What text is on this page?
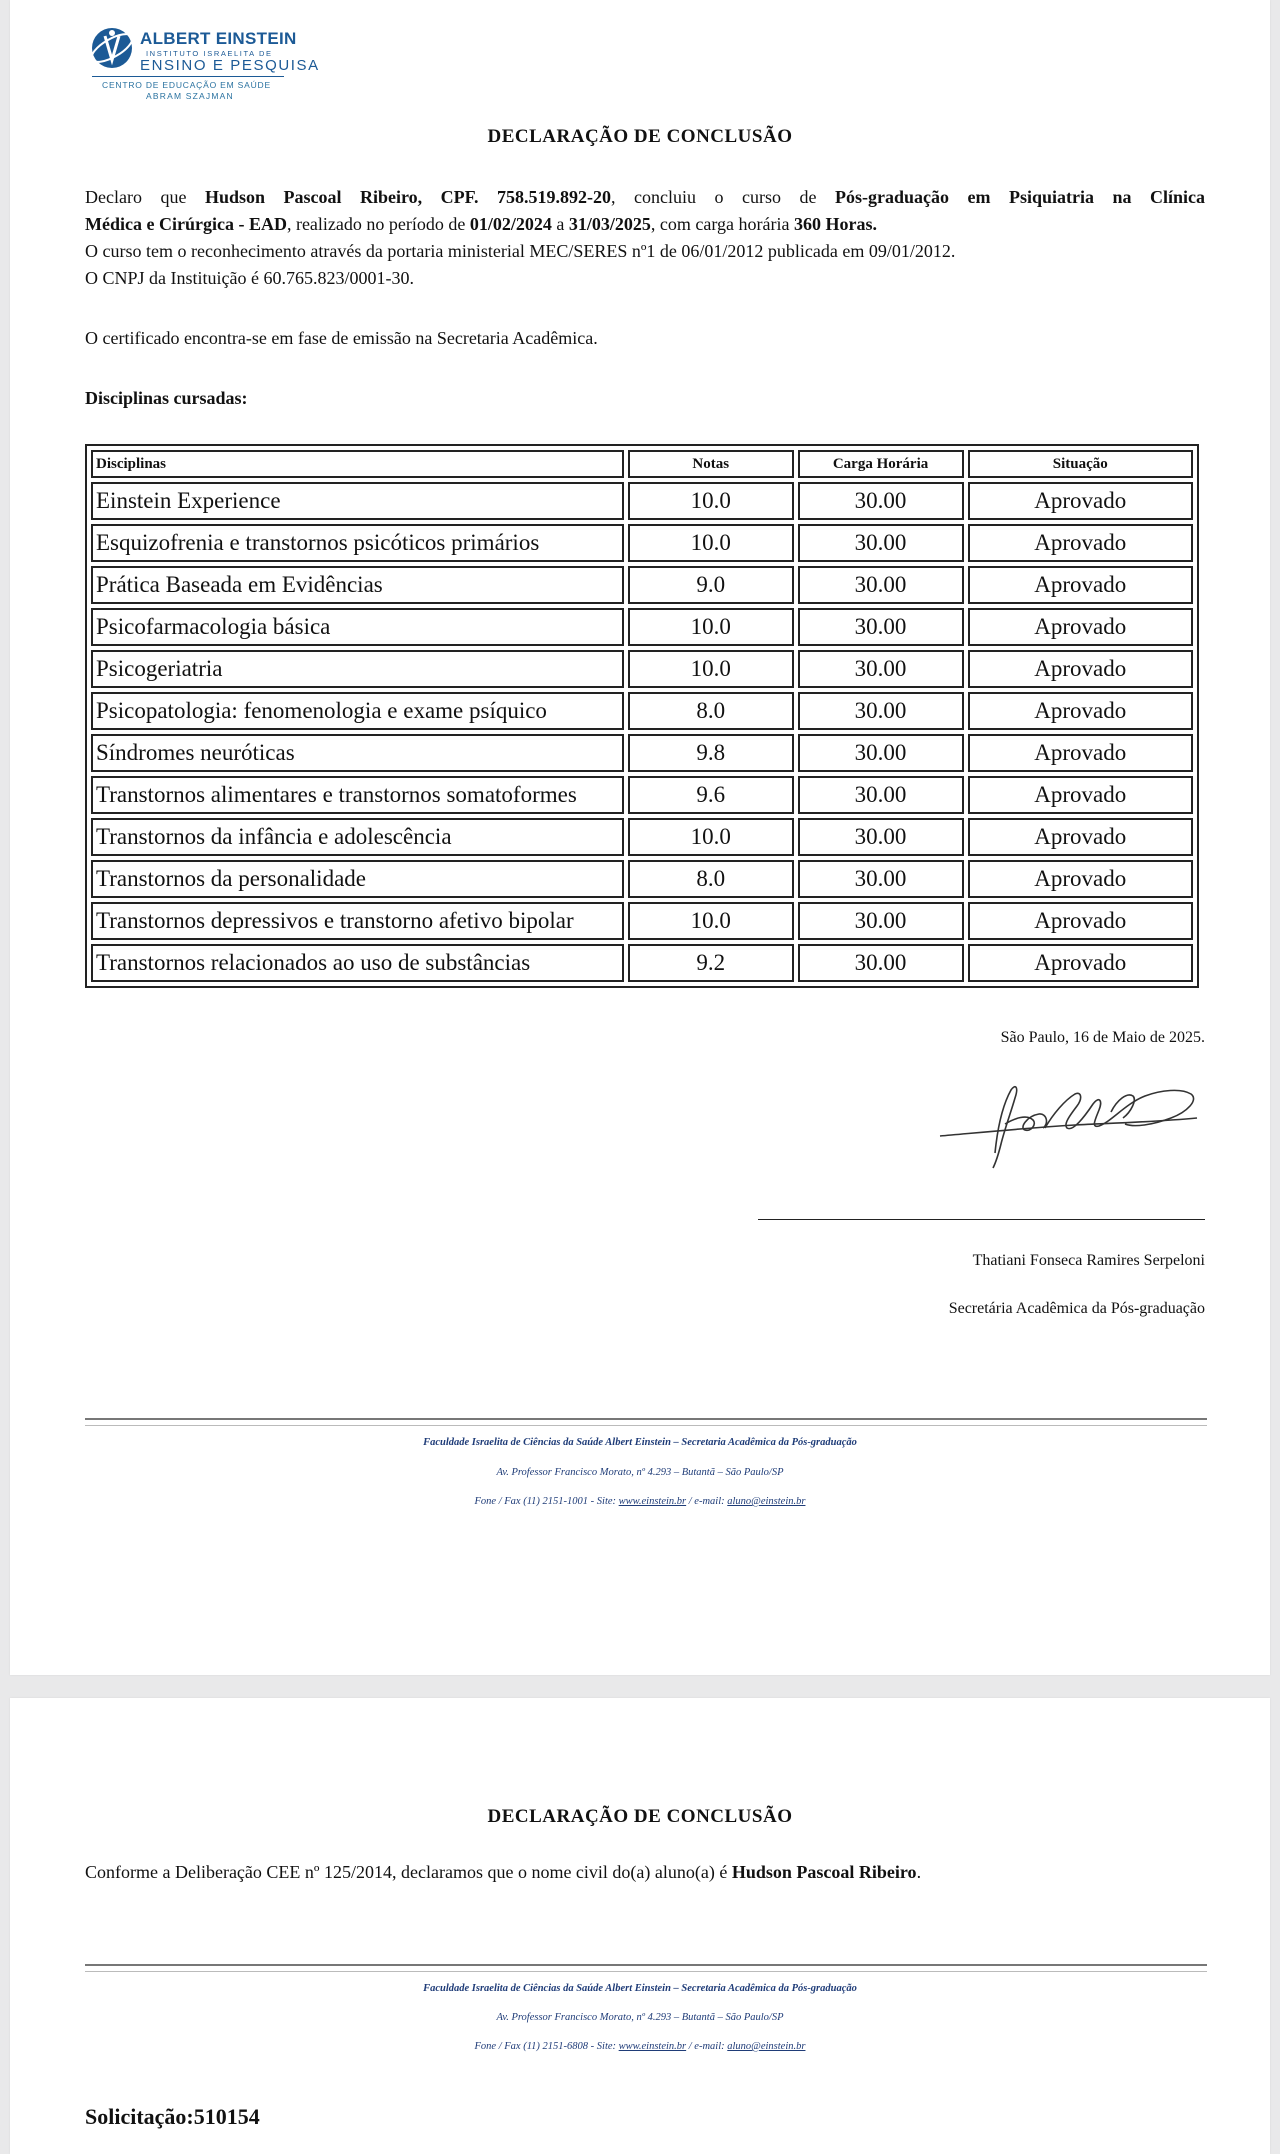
ALBERT EINSTEIN
INSTITUTO ISRAELITA DE
ENSINO E PESQUISA
CENTRO DE EDUCAÇÃO EM SAÚDE
ABRAM SZAJMAN
DECLARAÇÃO DE CONCLUSÃO
Declaro que Hudson Pascoal Ribeiro, CPF. 758.519.892-20, concluiu o curso de Pós-graduação em Psiquiatria na Clínica
Médica e Cirúrgica - EAD, realizado no período de 01/02/2024 a 31/03/2025, com carga horária 360 Horas.
O curso tem o reconhecimento através da portaria ministerial MEC/SERES nº1 de 06/01/2012 publicada em 09/01/2012.
O CNPJ da Instituição é 60.765.823/0001-30.
O certificado encontra-se em fase de emissão na Secretaria Acadêmica.
Disciplinas cursadas:
Disciplinas	Notas	Carga Horária	Situação
Einstein Experience	10.0	30.00	Aprovado
Esquizofrenia e transtornos psicóticos primários	10.0	30.00	Aprovado
Prática Baseada em Evidências	9.0	30.00	Aprovado
Psicofarmacologia básica	10.0	30.00	Aprovado
Psicogeriatria	10.0	30.00	Aprovado
Psicopatologia: fenomenologia e exame psíquico	8.0	30.00	Aprovado
Síndromes neuróticas	9.8	30.00	Aprovado
Transtornos alimentares e transtornos somatoformes	9.6	30.00	Aprovado
Transtornos da infância e adolescência	10.0	30.00	Aprovado
Transtornos da personalidade	8.0	30.00	Aprovado
Transtornos depressivos e transtorno afetivo bipolar	10.0	30.00	Aprovado
Transtornos relacionados ao uso de substâncias	9.2	30.00	Aprovado
São Paulo, 16 de Maio de 2025.
Thatiani Fonseca Ramires Serpeloni
Secretária Acadêmica da Pós-graduação
Faculdade Israelita de Ciências da Saúde Albert Einstein – Secretaria Acadêmica da Pós-graduação
Av. Professor Francisco Morato, nº 4.293 – Butantã – São Paulo/SP
Fone / Fax (11) 2151-1001 - Site: www.einstein.br / e-mail: aluno@einstein.br
DECLARAÇÃO DE CONCLUSÃO
Conforme a Deliberação CEE nº 125/2014, declaramos que o nome civil do(a) aluno(a) é Hudson Pascoal Ribeiro.
Faculdade Israelita de Ciências da Saúde Albert Einstein – Secretaria Acadêmica da Pós-graduação
Av. Professor Francisco Morato, nº 4.293 – Butantã – São Paulo/SP
Fone / Fax (11) 2151-6808 - Site: www.einstein.br / e-mail: aluno@einstein.br
Solicitação:510154
